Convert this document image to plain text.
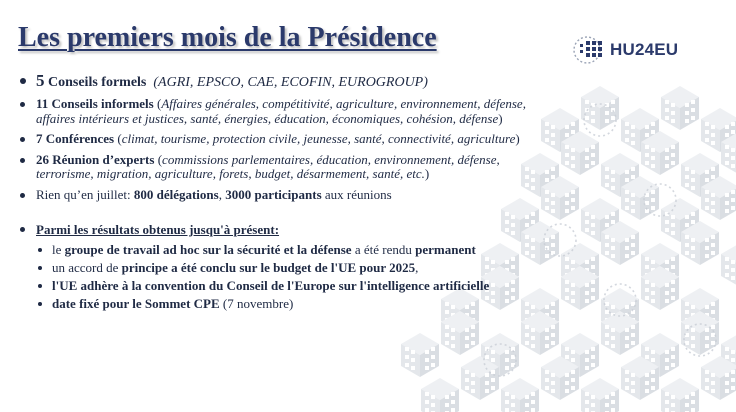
Les premiers mois de la Présidence	HU24EU
5 Conseils formels (AGRI, EPSCO, CAE, ECOFIN, EUROGROUP)
11 Conseils informels (Affaires générales, compétitivité, agriculture, environnement, défense, affaires intérieurs et justices, santé, énergies, éducation, économiques, cohésion, défense)
7 Conférences (climat, tourisme, protection civile, jeunesse, santé, connectivité, agriculture)
26 Réunion d’experts (commissions parlementaires, éducation, environnement, défense, terrorisme, migration, agriculture, forets, budget, désarmement, santé, etc.)
Rien qu’en juillet: 800 délégations, 3000 participants aux réunions
Parmi les résultats obtenus jusqu'à présent:
le groupe de travail ad hoc sur la sécurité et la défense a été rendu permanent
un accord de principe a été conclu sur le budget de l'UE pour 2025,
l'UE adhère à la convention du Conseil de l'Europe sur l'intelligence artificielle
date fixé pour le Sommet CPE (7 novembre)
